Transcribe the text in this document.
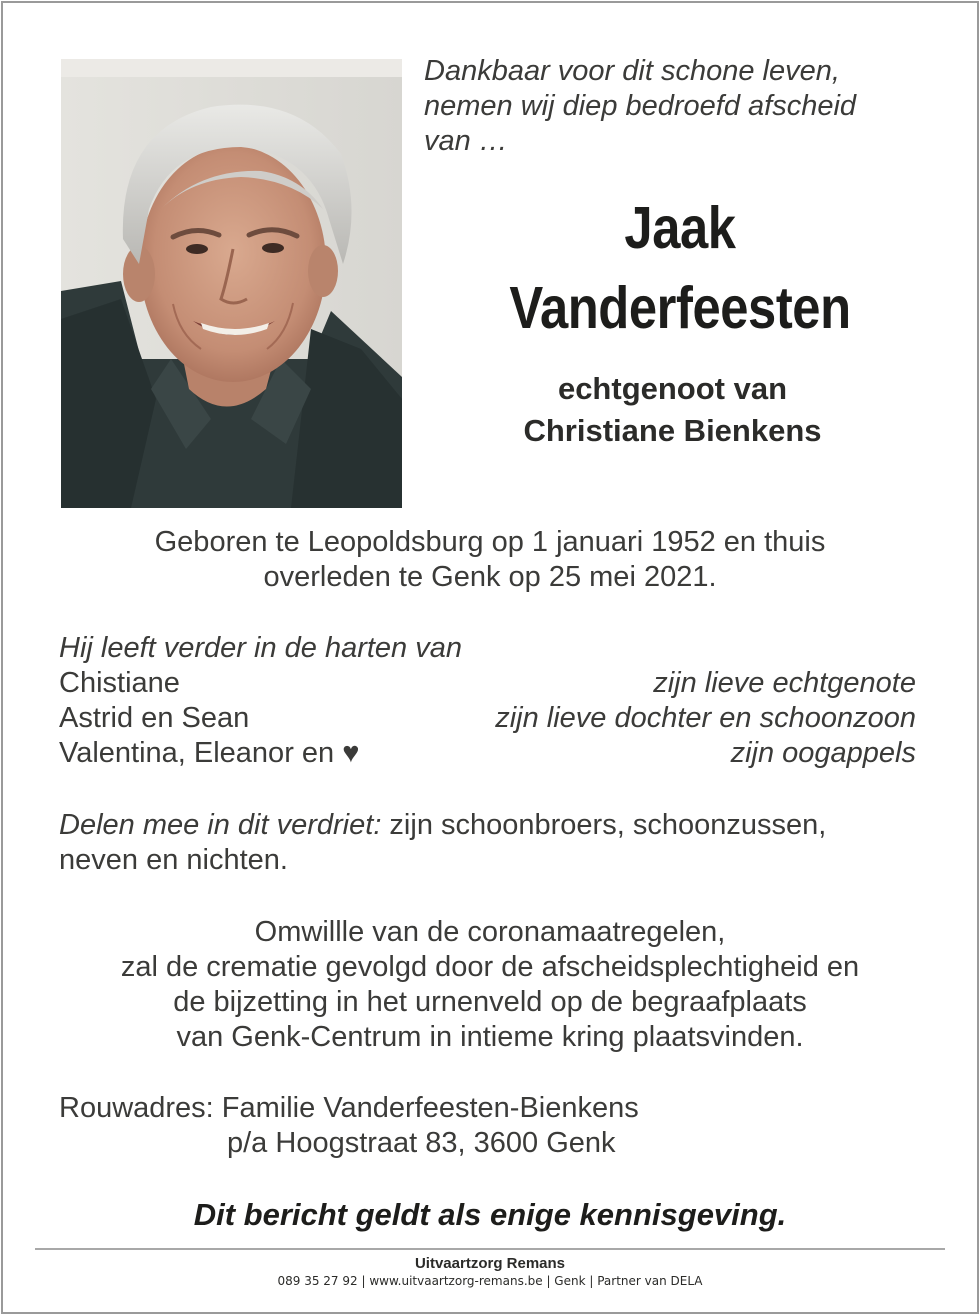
Dankbaar voor dit schone leven,
nemen wij diep bedroefd afscheid
van …
Jaak
Vanderfeesten
echtgenoot van
Christiane Bienkens
Geboren te Leopoldsburg op 1 januari 1952 en thuis
overleden te Genk op 25 mei 2021.
Hij leeft verder in de harten van
Chistiane	zijn lieve echtgenote
Astrid en Sean	zijn lieve dochter en schoonzoon
Valentina, Eleanor en ♥	zijn oogappels
Delen mee in dit verdriet: zijn schoonbroers, schoonzussen,
neven en nichten.
Omwillle van de coronamaatregelen,
zal de crematie gevolgd door de afscheidsplechtigheid en
de bijzetting in het urnenveld op de begraafplaats
van Genk-Centrum in intieme kring plaatsvinden.
Rouwadres: Familie Vanderfeesten-Bienkens
p/a Hoogstraat 83, 3600 Genk
Dit bericht geldt als enige kennisgeving.
Uitvaartzorg Remans
089 35 27 92 | www.uitvaartzorg-remans.be | Genk | Partner van DELA
